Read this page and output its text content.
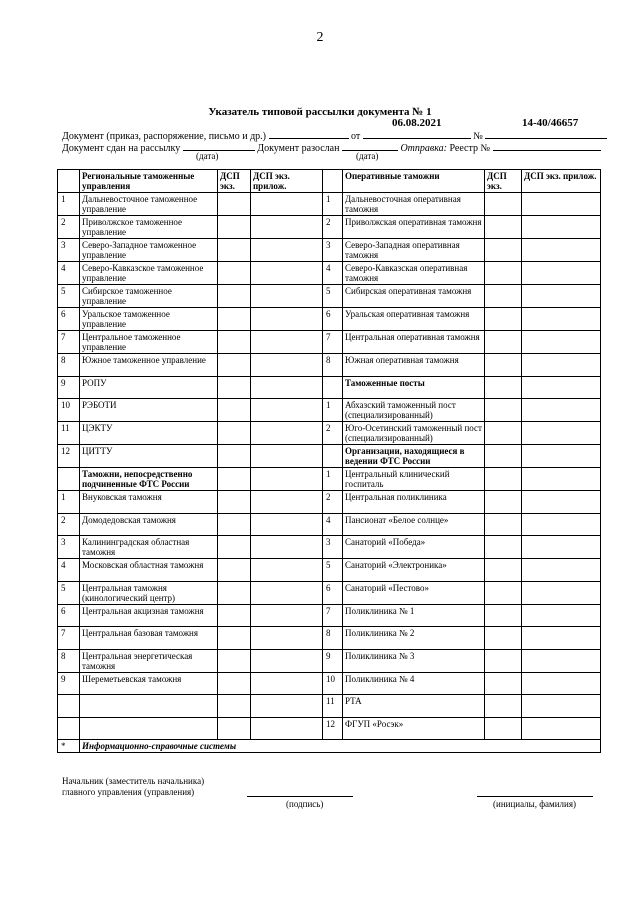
2
Указатель типовой рассылки документа № 1
06.08.2021	14-40/46657
Документ (приказ, распоряжение, письмо и др.)	от	№
Документ сдан на рассылку	Документ разослан	Отправка: Реестр №
(дата)	(дата)
	Региональные таможенные управления	ДСП экз.	ДСП экз. прилож.		Оперативные таможни	ДСП экз.	ДСП экз. прилож.
1	Дальневосточное таможенное управление			1	Дальневосточная оперативная таможня		
2	Приволжское таможенное управление			2	Приволжская оперативная таможня		
3	Северо-Западное таможенное управление			3	Северо-Западная оперативная таможня		
4	Северо-Кавказское таможенное управление			4	Северо-Кавказская оперативная таможня		
5	Сибирское таможенное управление			5	Сибирская оперативная таможня		
6	Уральское таможенное управление			6	Уральская оперативная таможня		
7	Центральное таможенное управление			7	Центральная оперативная таможня		
8	Южное таможенное управление			8	Южная оперативная таможня		
9	РОПУ				Таможенные посты		
10	РЭБОТИ			1	Абхазский таможенный пост (специализированный)		
11	ЦЭКТУ			2	Юго-Осетинский таможенный пост (специализированный)		
12	ЦИТТУ				Организации, находящиеся в ведении ФТС России		
	Таможни, непосредственно подчиненные ФТС России			1	Центральный клинический госпиталь		
1	Внуковская таможня			2	Центральная поликлиника		
2	Домодедовская таможня			4	Пансионат «Белое солнце»		
3	Калининградская областная таможня			3	Санаторий «Победа»		
4	Московская областная таможня			5	Санаторий «Электроника»		
5	Центральная таможня (кинологический центр)			6	Санаторий «Пестово»		
6	Центральная акцизная таможня			7	Поликлиника № 1		
7	Центральная базовая таможня			8	Поликлиника № 2		
8	Центральная энергетическая таможня			9	Поликлиника № 3		
9	Шереметьевская таможня			10	Поликлиника № 4		
				11	РТА		
				12	ФГУП «Росэк»		
*	Информационно-справочные системы						
Начальник (заместитель начальника)
главного управления (управления)
(подпись)	(инициалы, фамилия)
